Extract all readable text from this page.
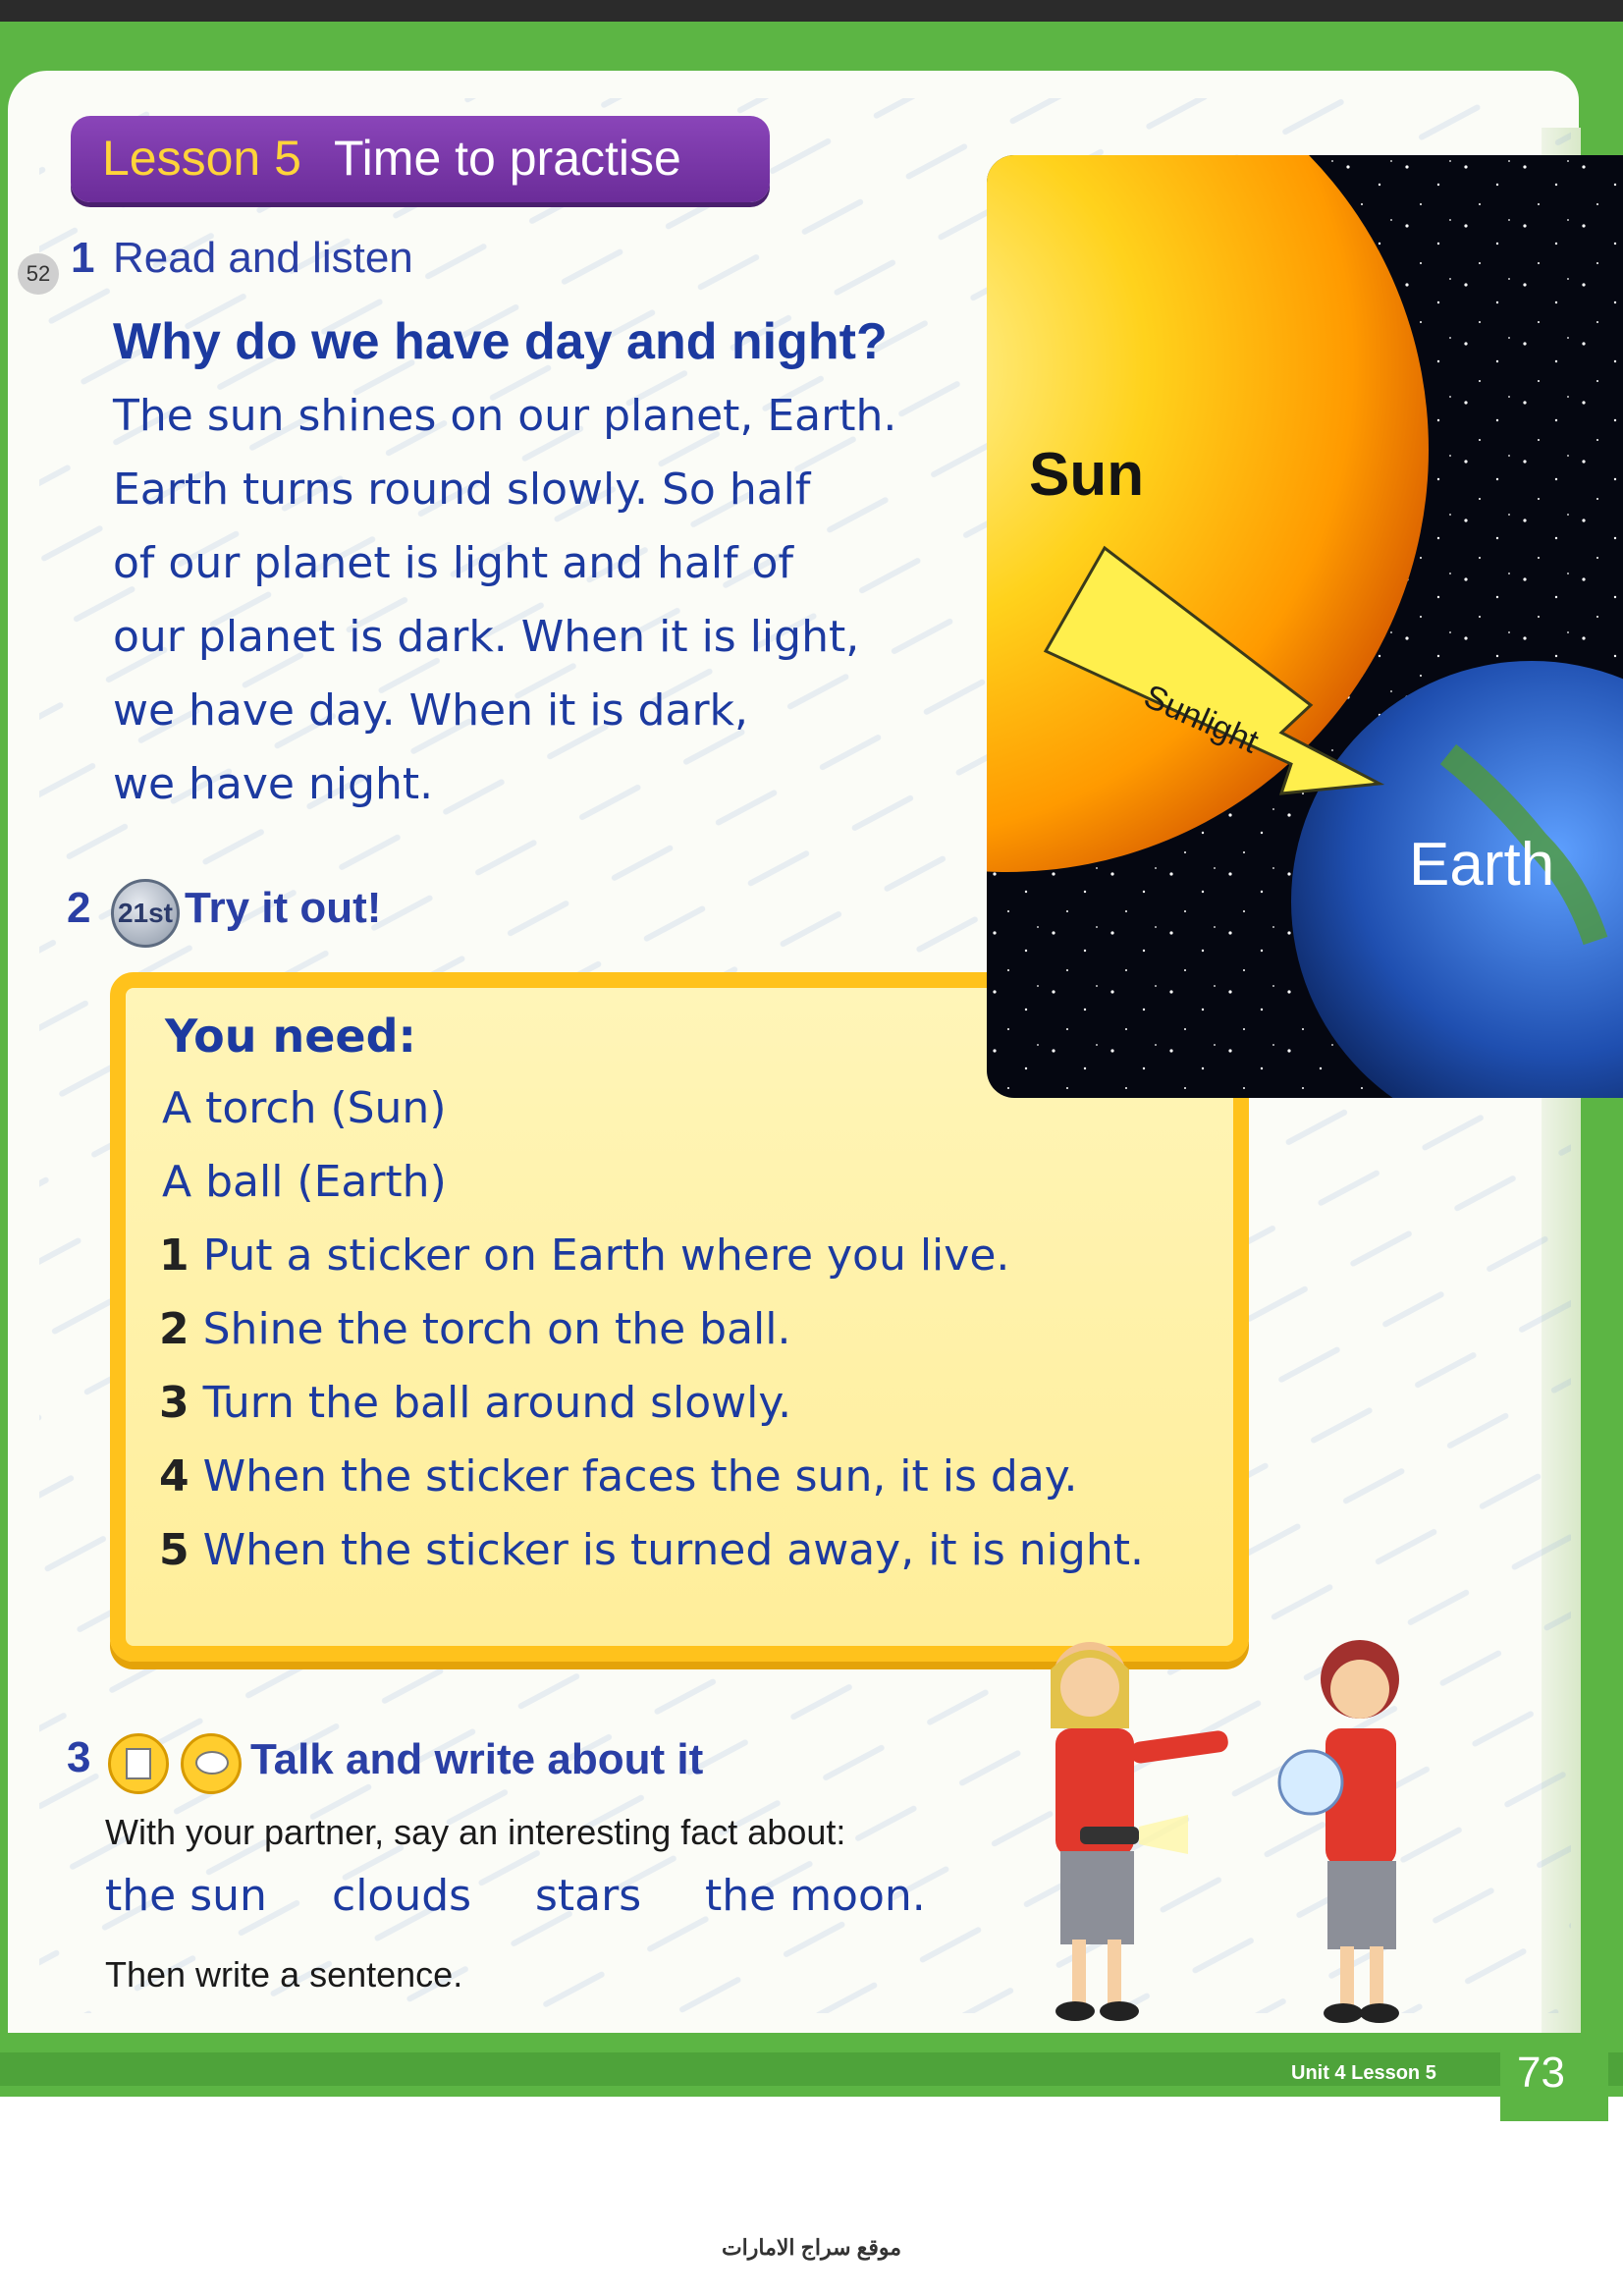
Lesson 5 Time to practise
52 1 Read and listen
Why do we have day and night?
The sun shines on our planet, Earth.
Earth turns round slowly. So half
of our planet is light and half of
our planet is dark. When it is light,
we have day. When it is dark,
we have night.
2 21st Try it out!
You need:
A torch (Sun)
A ball (Earth)
1 Put a sticker on Earth where you live.
2 Shine the torch on the ball.
3 Turn the ball around slowly.
4 When the sticker faces the sun, it is day.
5 When the sticker is turned away, it is night.
Sun
Sunlight
Earth
3	Talk and write about it
With your partner, say an interesting fact about:
the sun clouds stars the moon.
Then write a sentence.
Unit 4 Lesson 5 73
موقع سراج الامارات
